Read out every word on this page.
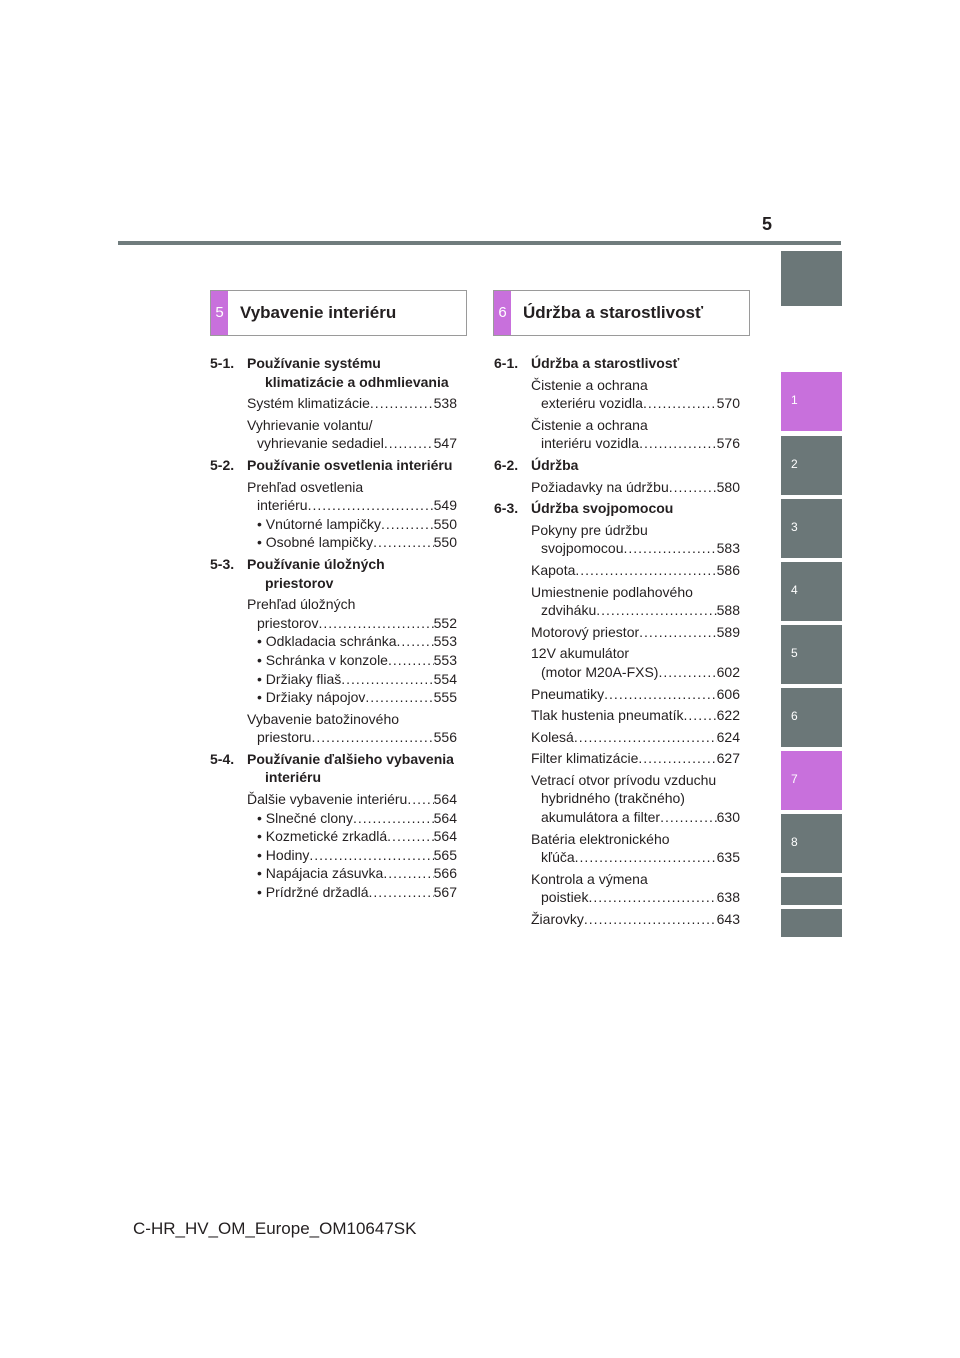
5
1
2
3
4
5
6
7
8
5 Vybavenie interiéru	6 Údržba a starostlivosť
5-1. Používanie systému klimatizácie a odhmlievania
Systém klimatizácie .....	538
Vyhrievanie volantu/
vyhrievanie sedadiel .....	547
5-2. Používanie osvetlenia interiéru
Prehľad osvetlenia
interiéru .....	549
• Vnútorné lampičky .....	550
• Osobné lampičky .....	550
5-3. Používanie úložných priestorov
Prehľad úložných
priestorov .....	552
• Odkladacia schránka .....	553
• Schránka v konzole .....	553
• Držiaky fliaš .....	554
• Držiaky nápojov .....	555
Vybavenie batožinového
priestoru .....	556
5-4. Používanie ďalšieho vybavenia interiéru
Ďalšie vybavenie interiéru ..... 564
• Slnečné clony .....	564
• Kozmetické zrkadlá .....	564
• Hodiny .....	565
• Napájacia zásuvka .....	566
• Prídržné držadlá .....	567
6-1. Údržba a starostlivosť
Čistenie a ochrana
exteriéru vozidla .....	570
Čistenie a ochrana
interiéru vozidla .....	576
6-2. Údržba
Požiadavky na údržbu .....	580
6-3. Údržba svojpomocou
Pokyny pre údržbu
svojpomocou .....	583
Kapota .....	586
Umiestnenie podlahového
zdviháku .....	588
Motorový priestor .....	589
12V akumulátor
(motor M20A-FXS) .....	602
Pneumatiky .....	606
Tlak hustenia pneumatík ..... 622
Kolesá .....	624
Filter klimatizácie .....	627
Vetrací otvor prívodu vzduchu
hybridného (trakčného)
akumulátora a filter .....	630
Batéria elektronického
kľúča .....	635
Kontrola a výmena
poistiek .....	638
Žiarovky .....	643
C-HR_HV_OM_Europe_OM10647SK
